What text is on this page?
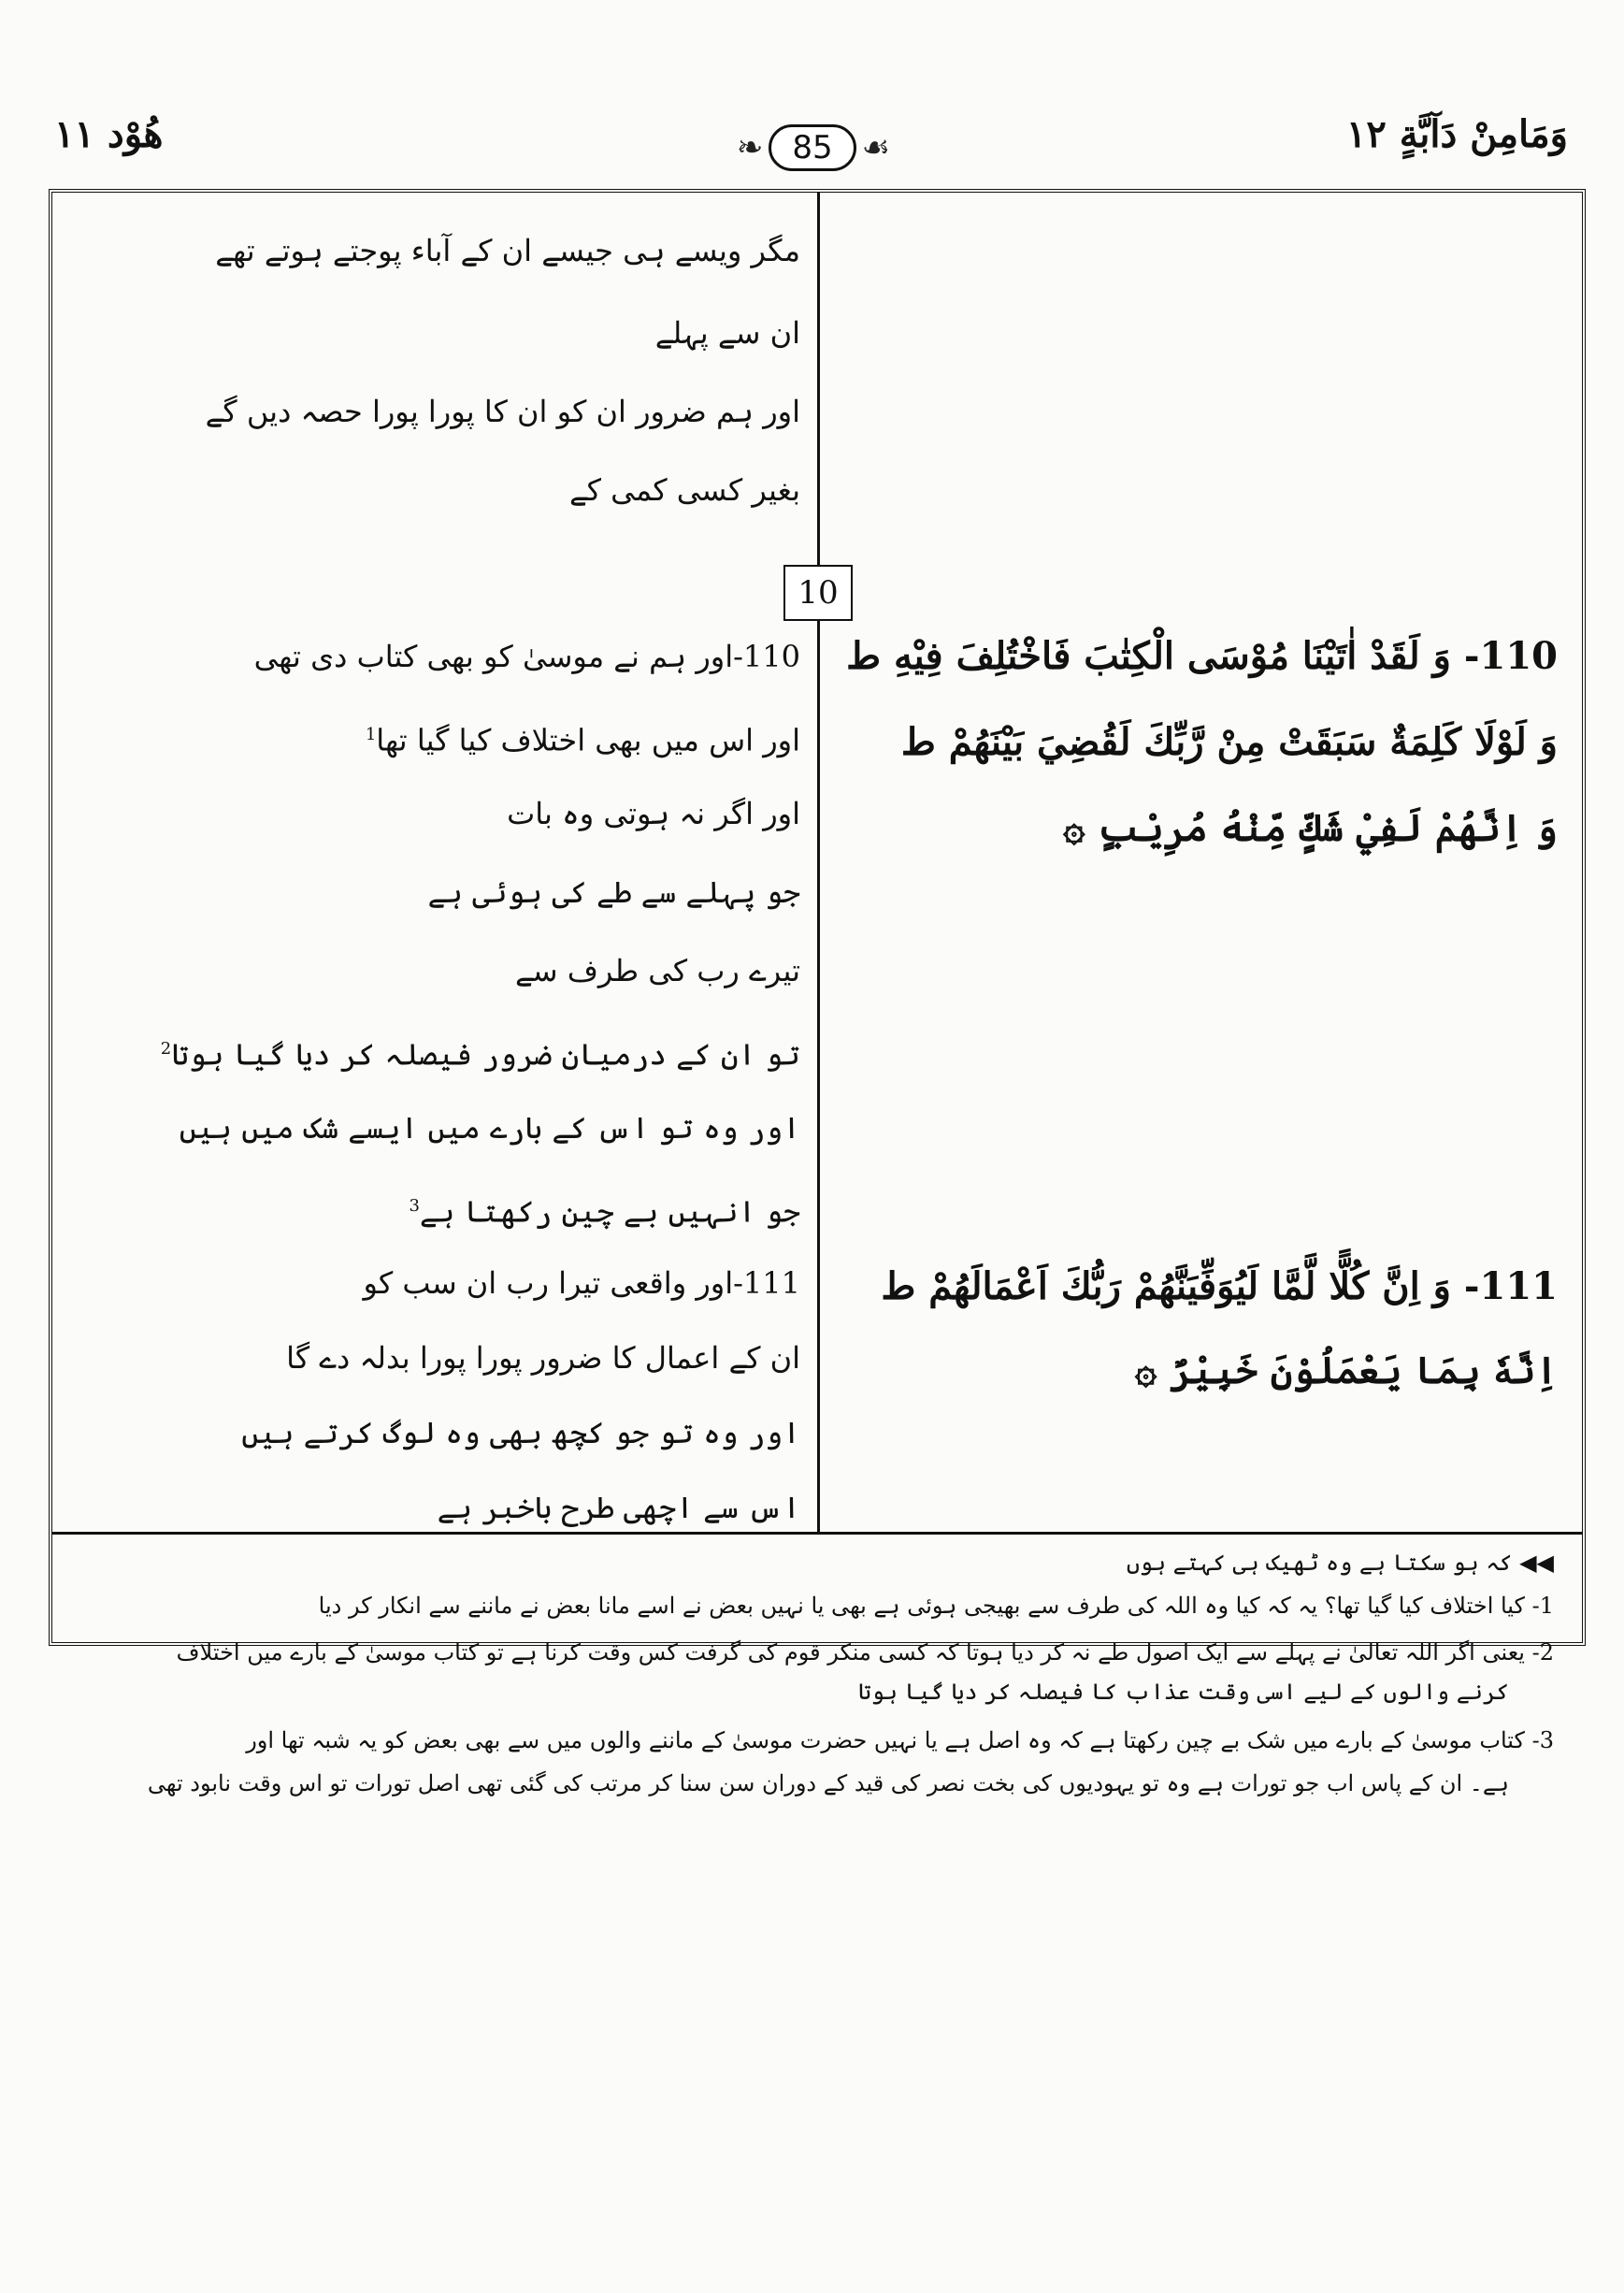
هُوْد ۱۱	❧ 85 ☙	وَمَامِنْ دَآبَّةٍ ۱۲
10
مگر ویسے ہی جیسے ان کے آباء پوجتے ہوتے تھے
ان سے پہلے
اور ہم ضرور ان کو ان کا پورا پورا حصہ دیں گے
بغیر کسی کمی کے
110-اور ہم نے موسیٰ کو بھی کتاب دی تھی
اور اس میں بھی اختلاف کیا گیا تھا$^1$
اور اگر نہ ہوتی وہ بات
جو پہلے سے طے کی ہوئی ہے
تیرے رب کی طرف سے
تو ان کے درمیان ضرور فیصلہ کر دیا گیا ہوتا$^2$
اور وہ تو اس کے بارے میں ایسے شک میں ہیں
جو انہیں بے چین رکھتا ہے$^3$
111-اور واقعی تیرا رب ان سب کو
ان کے اعمال کا ضرور پورا پورا بدلہ دے گا
اور وہ تو جو کچھ بھی وہ لوگ کرتے ہیں
اس سے اچھی طرح باخبر ہے
110- وَ لَقَدْ اٰتَيْنَا مُوْسَى الْكِتٰبَ فَاخْتُلِفَ فِيْهِ ط
وَ لَوْلَا كَلِمَةٌ سَبَقَتْ مِنْ رَّبِّكَ لَقُضِيَ بَيْنَهُمْ ط
وَ اِنَّهُمْ لَفِيْ شَكٍّ مِّنْهُ مُرِيْبٍ ۞
111- وَ اِنَّ كُلًّا لَّمَّا لَيُوَفِّيَنَّهُمْ رَبُّكَ اَعْمَالَهُمْ ط
اِنَّهٗ بِمَا يَعْمَلُوْنَ خَبِيْرٌ ۞
◀◀ کہ ہو سکتا ہے وہ ٹھیک ہی کہتے ہوں
1- کیا اختلاف کیا گیا تھا؟ یہ کہ کیا وہ اللہ کی طرف سے بھیجی ہوئی ہے بھی یا نہیں بعض نے اسے مانا بعض نے ماننے سے انکار کر دیا
2- یعنی اگر اللہ تعالیٰ نے پہلے سے ایک اصول طے نہ کر دیا ہوتا کہ کسی منکر قوم کی گرفت کس وقت کرنا ہے تو کتاب موسیٰ کے بارے میں اختلاف
کرنے والوں کے لیے اسی وقت عذاب کا فیصلہ کر دیا گیا ہوتا
3- کتاب موسیٰ کے بارے میں شک بے چین رکھتا ہے کہ وہ اصل ہے یا نہیں حضرت موسیٰ کے ماننے والوں میں سے بھی بعض کو یہ شبہ تھا اور
ہے۔ ان کے پاس اب جو تورات ہے وہ تو یہودیوں کی بخت نصر کی قید کے دوران سن سنا کر مرتب کی گئی تھی اصل تورات تو اس وقت نابود تھی
